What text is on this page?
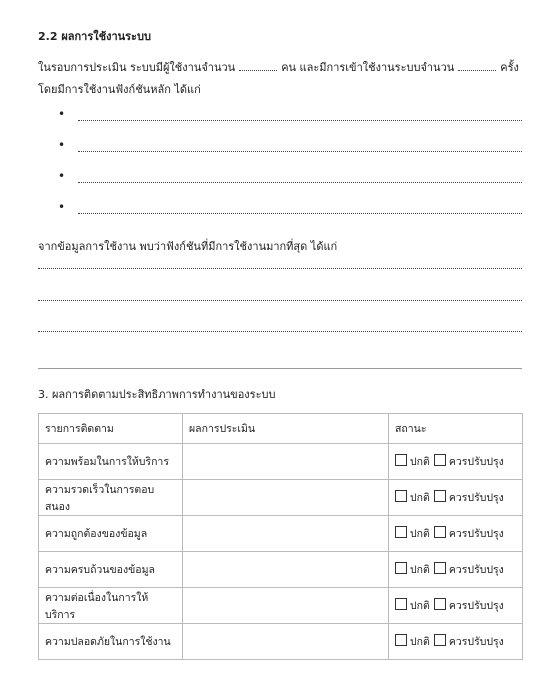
2.2 ผลการใช้งานระบบ
ในรอบการประเมิน ระบบมีผู้ใช้งานจำนวน	คน และมีการเข้าใช้งานระบบจำนวน	ครั้ง
โดยมีการใช้งานฟังก์ชันหลัก ได้แก่
•
•
•
•
จากข้อมูลการใช้งาน พบว่าฟังก์ชันที่มีการใช้งานมากที่สุด ได้แก่
3. ผลการติดตามประสิทธิภาพการทำงานของระบบ
รายการติดตาม	ผลการประเมิน	สถานะ
ความพร้อมในการให้บริการ		ปกติ ควรปรับปรุง
ความรวดเร็วในการตอบสนอง		ปกติ ควรปรับปรุง
ความถูกต้องของข้อมูล		ปกติ ควรปรับปรุง
ความครบถ้วนของข้อมูล		ปกติ ควรปรับปรุง
ความต่อเนื่องในการให้บริการ		ปกติ ควรปรับปรุง
ความปลอดภัยในการใช้งาน		ปกติ ควรปรับปรุง
